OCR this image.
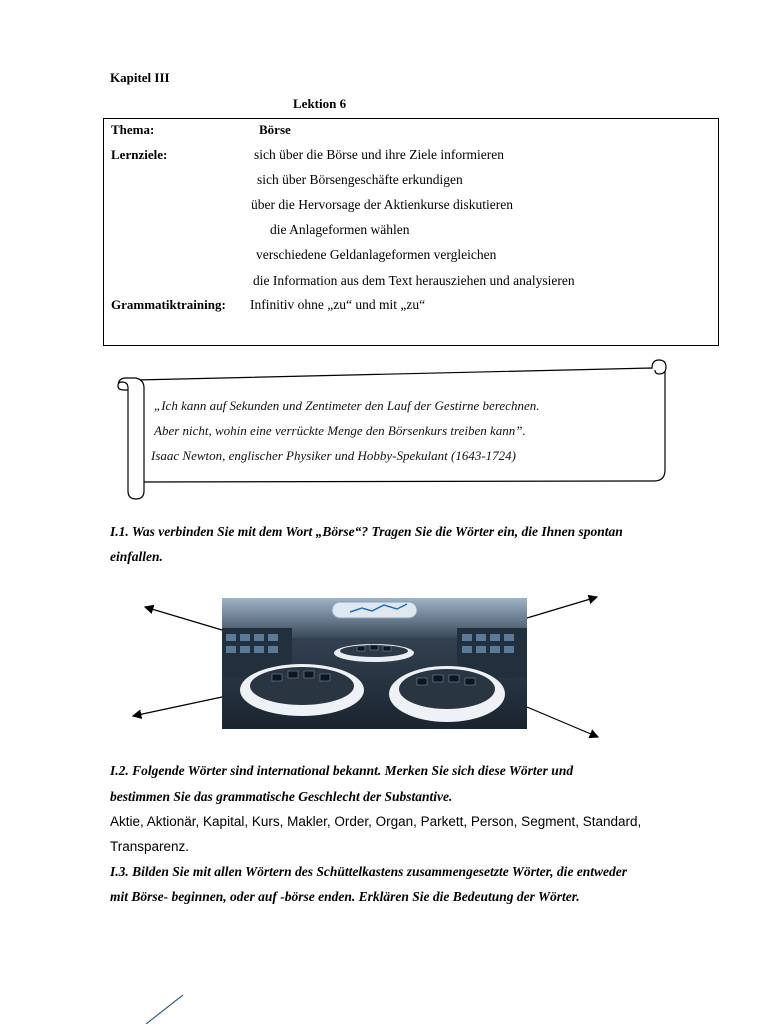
Kapitel III
Lektion 6
Thema:	Börse
Lernziele:	sich über die Börse und ihre Ziele informieren
sich über Börsengeschäfte erkundigen
über die Hervorsage der Aktienkurse diskutieren
die Anlageformen wählen
verschiedene Geldanlageformen vergleichen
die Information aus dem Text herausziehen und analysieren
Grammatiktraining: Infinitiv ohne „zu“ und mit „zu“
„Ich kann auf Sekunden und Zentimeter den Lauf der Gestirne berechnen.
Aber nicht, wohin eine verrückte Menge den Börsenkurs treiben kann”.
Isaac Newton, englischer Physiker und Hobby-Spekulant (1643-1724)
I.1. Was verbinden Sie mit dem Wort „Börse“? Tragen Sie die Wörter ein, die Ihnen spontan
einfallen.
I.2. Folgende Wörter sind international bekannt. Merken Sie sich diese Wörter und
bestimmen Sie das grammatische Geschlecht der Substantive.
Aktie, Aktionär, Kapital, Kurs, Makler, Order, Organ, Parkett, Person, Segment, Standard,
Transparenz.
I.3. Bilden Sie mit allen Wörtern des Schüttelkastens zusammengesetzte Wörter, die entweder
mit Börse- beginnen, oder auf -börse enden. Erklären Sie die Bedeutung der Wörter.
